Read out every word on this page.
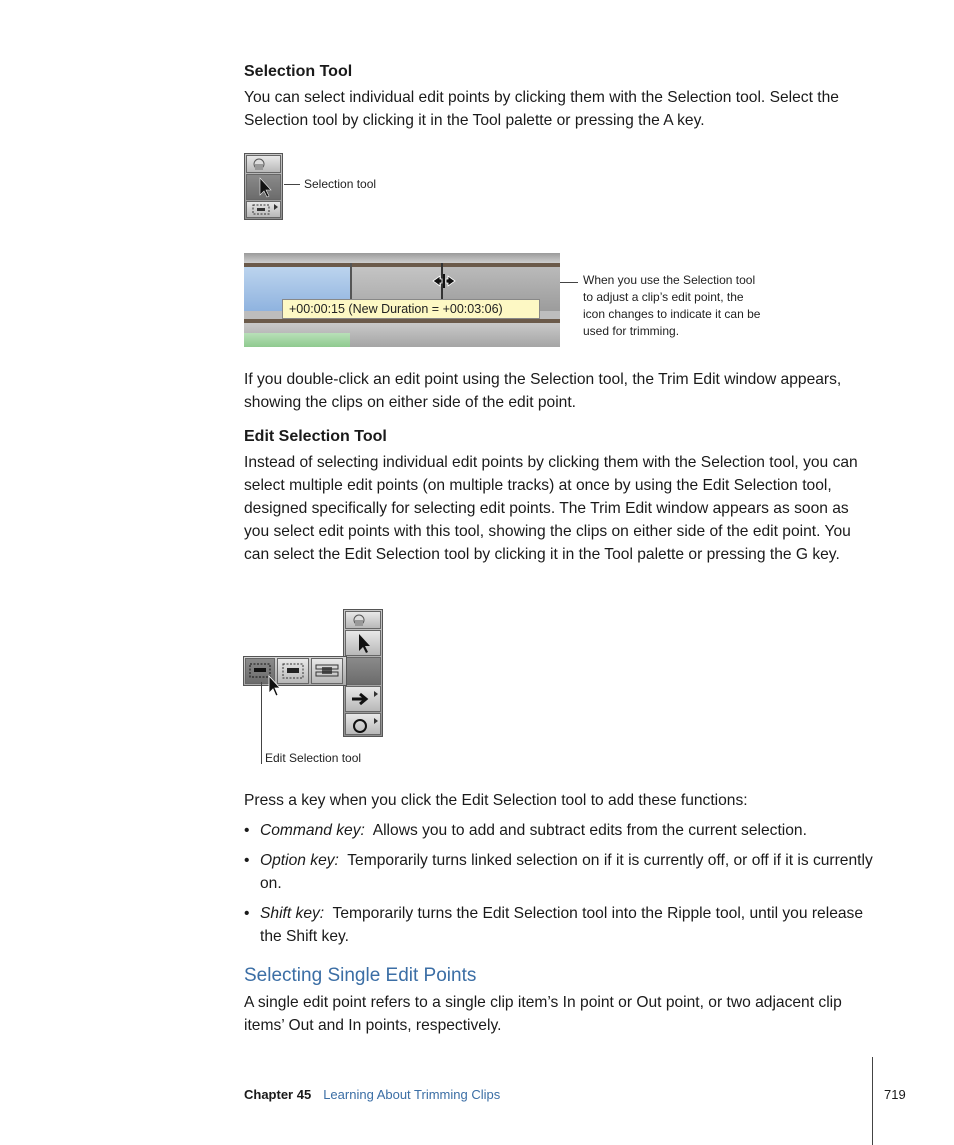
Selection Tool
You can select individual edit points by clicking them with the Selection tool. Select the Selection tool by clicking it in the Tool palette or pressing the A key.
Selection tool
+00:00:15 (New Duration = +00:03:06)
When you use the Selection tool to adjust a clip’s edit point, the icon changes to indicate it can be used for trimming.
If you double-click an edit point using the Selection tool, the Trim Edit window appears, showing the clips on either side of the edit point.
Edit Selection Tool
Instead of selecting individual edit points by clicking them with the Selection tool, you can select multiple edit points (on multiple tracks) at once by using the Edit Selection tool, designed specifically for selecting edit points. The Trim Edit window appears as soon as you select edit points with this tool, showing the clips on either side of the edit point. You can select the Edit Selection tool by clicking it in the Tool palette or pressing the G key.
Edit Selection tool
Press a key when you click the Edit Selection tool to add these functions:
• Command key: Allows you to add and subtract edits from the current selection.
• Option key: Temporarily turns linked selection on if it is currently off, or off if it is currently on.
• Shift key: Temporarily turns the Edit Selection tool into the Ripple tool, until you release the Shift key.
Selecting Single Edit Points
A single edit point refers to a single clip item’s In point or Out point, or two adjacent clip items’ Out and In points, respectively.
Chapter 45 Learning About Trimming Clips	719
